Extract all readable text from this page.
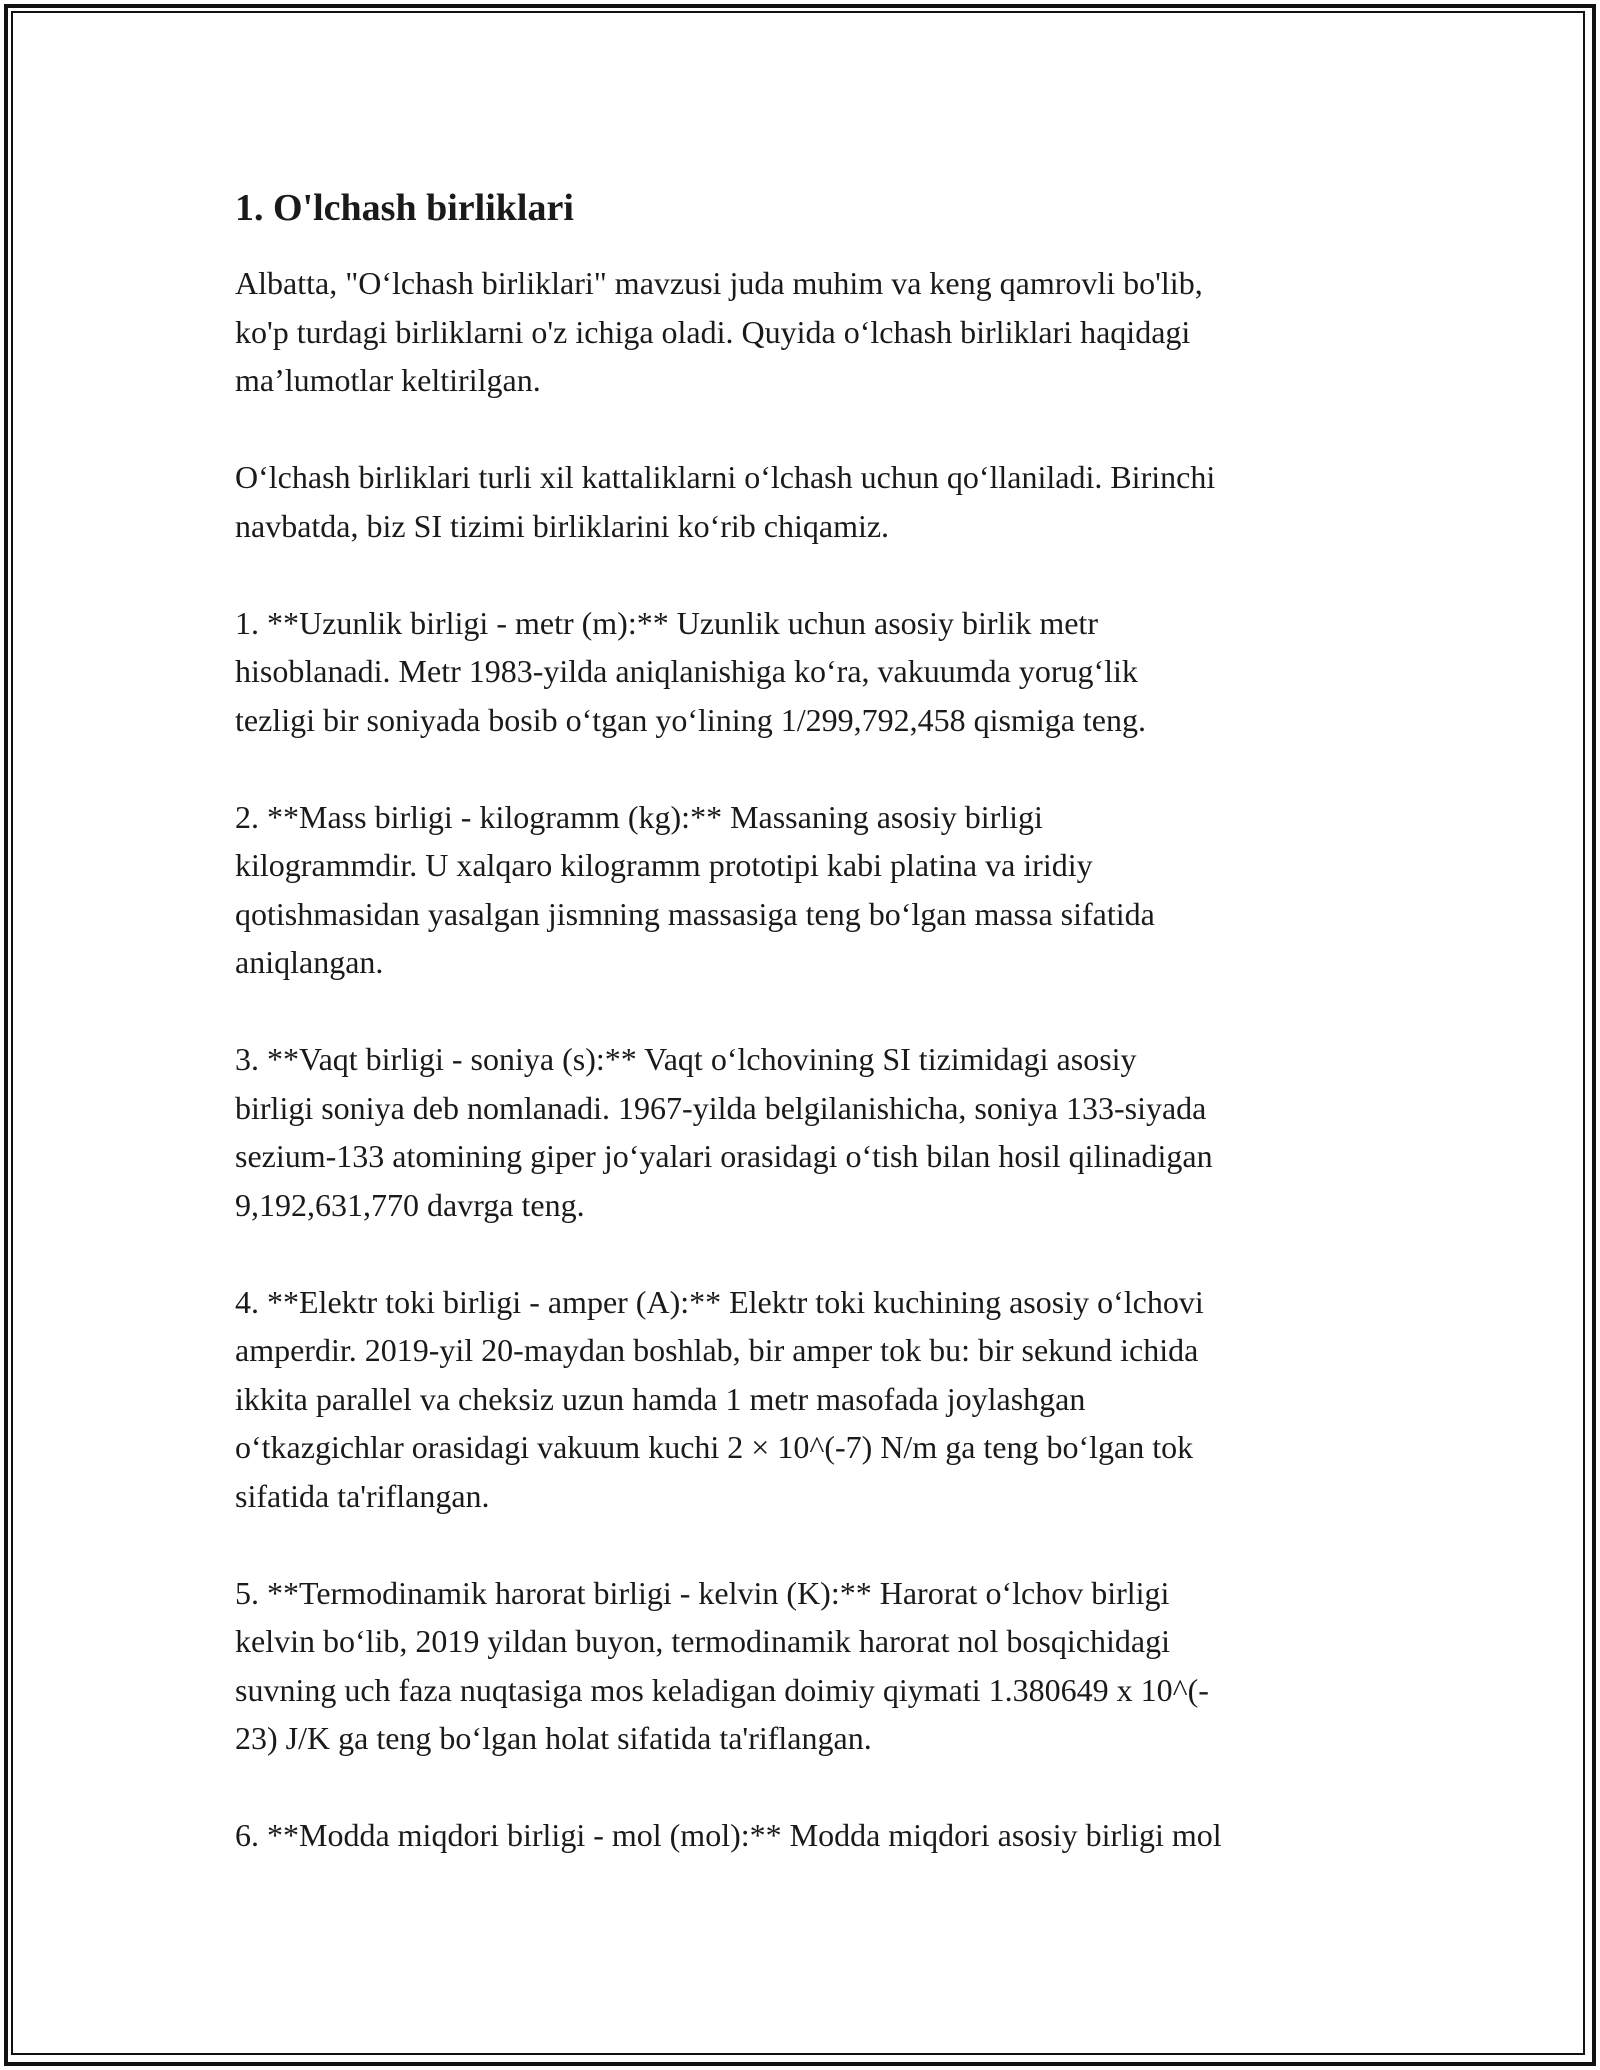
1. O'lchash birliklari

Albatta, "O‘lchash birliklari" mavzusi juda muhim va keng qamrovli bo'lib,
ko'p turdagi birliklarni o'z ichiga oladi. Quyida o‘lchash birliklari haqidagi
ma’lumotlar keltirilgan.

O‘lchash birliklari turli xil kattaliklarni o‘lchash uchun qo‘llaniladi. Birinchi
navbatda, biz SI tizimi birliklarini ko‘rib chiqamiz.

1. **Uzunlik birligi - metr (m):** Uzunlik uchun asosiy birlik metr
hisoblanadi. Metr 1983-yilda aniqlanishiga ko‘ra, vakuumda yorug‘lik
tezligi bir soniyada bosib o‘tgan yo‘lining 1/299,792,458 qismiga teng.

2. **Mass birligi - kilogramm (kg):** Massaning asosiy birligi
kilogrammdir. U xalqaro kilogramm prototipi kabi platina va iridiy
qotishmasidan yasalgan jismning massasiga teng bo‘lgan massa sifatida
aniqlangan.

3. **Vaqt birligi - soniya (s):** Vaqt o‘lchovining SI tizimidagi asosiy
birligi soniya deb nomlanadi. 1967-yilda belgilanishicha, soniya 133-siyada
sezium-133 atomining giper jo‘yalari orasidagi o‘tish bilan hosil qilinadigan
9,192,631,770 davrga teng.

4. **Elektr toki birligi - amper (A):** Elektr toki kuchining asosiy o‘lchovi
amperdir. 2019-yil 20-maydan boshlab, bir amper tok bu: bir sekund ichida
ikkita parallel va cheksiz uzun hamda 1 metr masofada joylashgan
o‘tkazgichlar orasidagi vakuum kuchi 2 × 10^(-7) N/m ga teng bo‘lgan tok
sifatida ta'riflangan.

5. **Termodinamik harorat birligi - kelvin (K):** Harorat o‘lchov birligi
kelvin bo‘lib, 2019 yildan buyon, termodinamik harorat nol bosqichidagi
suvning uch faza nuqtasiga mos keladigan doimiy qiymati 1.380649 x 10^(-
23) J/K ga teng bo‘lgan holat sifatida ta'riflangan.

6. **Modda miqdori birligi - mol (mol):** Modda miqdori asosiy birligi mol
